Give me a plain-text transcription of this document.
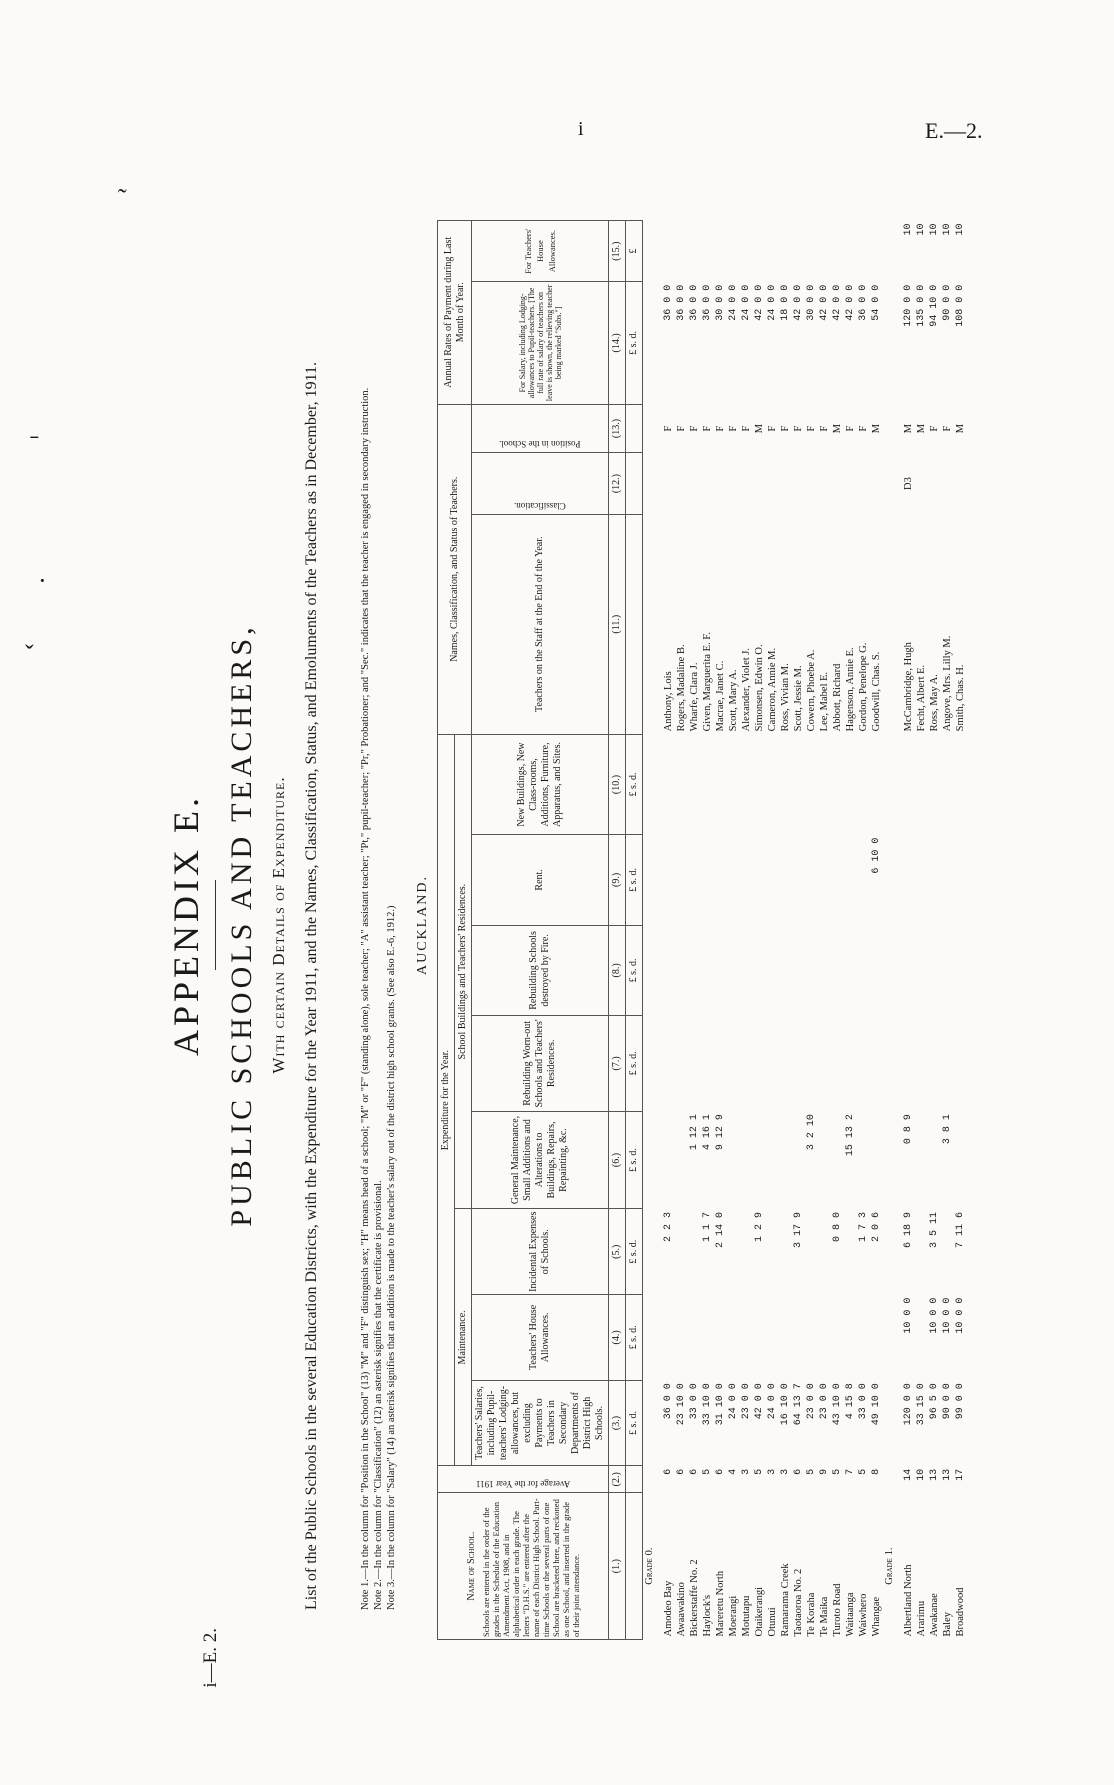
˜
ˉ
·
ˇ
i	E.—2.
i—E. 2.
APPENDIX E. PUBLIC SCHOOLS AND TEACHERS, With certain Details of Expenditure. List of the Public Schools in the several Education Districts, with the Expenditure for the Year 1911, and the Names, Classification, Status, and Emoluments of the Teachers as in December, 1911.	Note 1.—In the column for "Position in the School" (13) "M" and "F" distinguish sex; "H" means head of a school; "M" or "F" (standing alone), sole teacher; "A" assistant teacher; "Pt," pupil-teacher; "Pr," Probationer; and "Sec." indicates that the teacher is engaged in secondary instruction. Note 2.—In the column for "Classification" (12) an asterisk signifies that the certificate is provisional. Note 3.—In the column for "Salary" (14) an asterisk signifies that an addition is made to the teacher's salary out of the district high school grants. (See also E.-6, 1912.) AUCKLAND.
Name of School. Schools are entered in the order of the grades in the Schedule of the Education Amendment Act, 1908, and in alphabetical order in each grade. The letters "D.H.S." are entered after the name of each District High School. Part-time Schools or the several parts of one School are bracketed here, and reckoned as one School, and inserted in the grade of their joint attendance.	Average for the Year 1911	Expenditure for the Year.								Names, Classification, and Status of Teachers.			Annual Rates of Payment during Last Month of Year.	
		Maintenance.			School Buildings and Teachers' Residences.									
		Teachers' Salaries, including Pupil-teachers' Lodging-allowances, but excluding Payments to Teachers in Secondary Departments of District High Schools.	Teachers' House Allowances.	Incidental Expenses of Schools.	General Maintenance, Small Additions and Alterations to Buildings, Repairs, Repainting, &c.	Rebuilding Worn-out Schools and Teachers' Residences.	Rebuilding Schools destroyed by Fire.	Rent.	New Buildings, New Class-rooms, Additions, Furniture, Apparatus, and Sites.	Teachers on the Staff at the End of the Year.	Classification.	Position in the School.	For Salary, including Lodging-allowances to Pupil-teachers. [The full rate of salary of teachers on leave is shown, the relieving teacher being marked "Subs."]	For Teachers' House Allowances.
(1.)	(2.)	(3.)	(4.)	(5.)	(6.)	(7.)	(8.)	(9.)	(10.)	(11.)	(12.)	(13.)	(14.)	(15.)
		£ s. d.	£ s. d.	£ s. d.	£ s. d.	£ s. d.	£ s. d.	£ s. d.	£ s. d.				£ s. d.	£
Grade 0.														
Amodeo Bay	6	36 0 0		2 2 3						Anthony, Lois		F	36 0 0	
Awaawakino	6	23 10 0								Rogers, Madaline B.		F	36 0 0	
Bickerstaffe No. 2	6	33 0 0			1 12 1					Wharfe, Clara J.		F	36 0 0	
Haylock's	5	33 10 0		1 1 7	4 16 1					Given, Marguerita E. F.		F	36 0 0	
Mareretu North	6	31 10 0		2 14 0	9 12 9					Macrae, Janet C.		F	30 0 0	
Moerangi	4	24 0 0								Scott, Mary A.		F	24 0 0	
Motutapu	3	23 0 0								Alexander, Violet J.		F	24 0 0	
Otaikerangi	5	42 0 0		1 2 9						Simonsen, Edwin O.		M	42 0 0	
Otunui	3	24 0 0								Cameron, Annie M.		F	24 0 0	
Ramarama Creek	3	16 10 0								Ross, Vivian M.		F	18 0 0	
Taotaoroa No. 2	6	64 13 7		3 17 9						Scott, Jessie M.		F	42 0 0	
Te Koraha	5	23 0 0			3 2 10					Cowern, Phoebe A.		F	30 0 0	
Te Maika	9	23 0 0								Lee, Mabel E.		F	42 0 0	
Turoto Road	5	43 10 0		0 8 0						Abbott, Richard		M	42 0 0	
Waitaanga	7	4 15 8			15 13 2					Hagenson, Annie E.		F	42 0 0	
Waiwhero	5	33 0 0		1 7 3						Gordon, Penelope G.		F	36 0 0	
Whangae	8	49 10 0		2 0 6				6 10 0		Goodwill, Chas. S.		M	54 0 0	
Grade 1.														
Albertland North	14	120 0 0	10 0 0	6 18 9	0 8 9					McCambridge, Hugh	D3	M	120 0 0	10
Ararimu	10	33 15 0								Fecht, Albert E.		M	135 0 0	10
Awakanae	13	96 5 0	10 0 0	3 5 11						Ross, May A.		F	94 10 0	10
Baley	13	90 0 0	10 0 0		3 8 1					Angove, Mrs. Lilly M.		F	90 0 0	10
Broadwood	17	99 0 0	10 0 0	7 11 6						Smith, Chas. H.		M	108 0 0	10
